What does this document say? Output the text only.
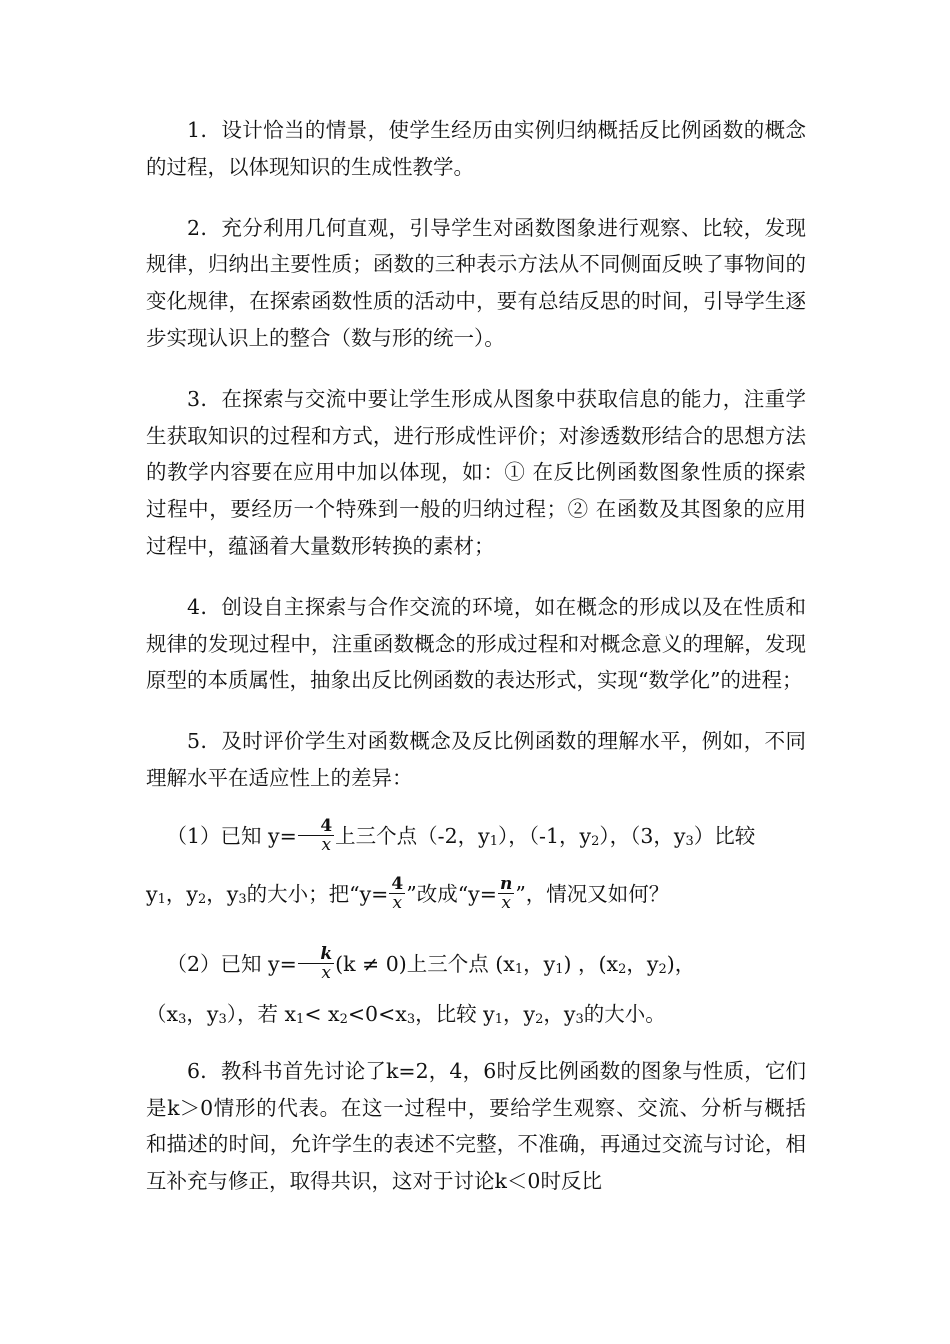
1．设计恰当的情景，使学生经历由实例归纳概括反比例函数的概念的过程，以体现知识的生成性教学。

2．充分利用几何直观，引导学生对函数图象进行观察、比较，发现规律，归纳出主要性质；函数的三种表示方法从不同侧面反映了事物间的变化规律，在探索函数性质的活动中，要有总结反思的时间，引导学生逐步实现认识上的整合（数与形的统一）。

3．在探索与交流中要让学生形成从图象中获取信息的能力，注重学生获取知识的过程和方式，进行形成性评价；对渗透数形结合的思想方法的教学内容要在应用中加以体现，如：① 在反比例函数图象性质的探索过程中，要经历一个特殊到一般的归纳过程；② 在函数及其图象的应用过程中，蕴涵着大量数形转换的素材；

4．创设自主探索与合作交流的环境，如在概念的形成以及在性质和规律的发现过程中，注重函数概念的形成过程和对概念意义的理解，发现原型的本质属性，抽象出反比例函数的表达形式，实现“数学化”的进程；

5．及时评价学生对函数概念及反比例函数的理解水平，例如，不同理解水平在适应性上的差异：

（1）已知 $y= \frac{4}{x}$ 上三个点（-2，$y_1$），（-1，$y_2$），（3，$y_3$）比较

$y_1$，$y_2$，$y_3$的大小；把“$y= \frac{4}{x}$ ”改成“$y= \frac{n}{x}$ ”，情况又如何？

（2）已知 $y= \frac{k}{x} (k \ne 0)$上三个点 ($x_1$，$y_1$) ，($x_2$，$y_2$)，

（$x_3$，$y_3$），若 $x_1< x_2<0<x_3$，比较 $y_1$，$y_2$，$y_3$的大小。

6．教科书首先讨论了k=2，4，6时反比例函数的图象与性质，它们是k＞0情形的代表。在这一过程中，要给学生观察、交流、分析与概括和描述的时间，允许学生的表述不完整，不准确，再通过交流与讨论，相互补充与修正，取得共识，这对于讨论k＜0时反比
